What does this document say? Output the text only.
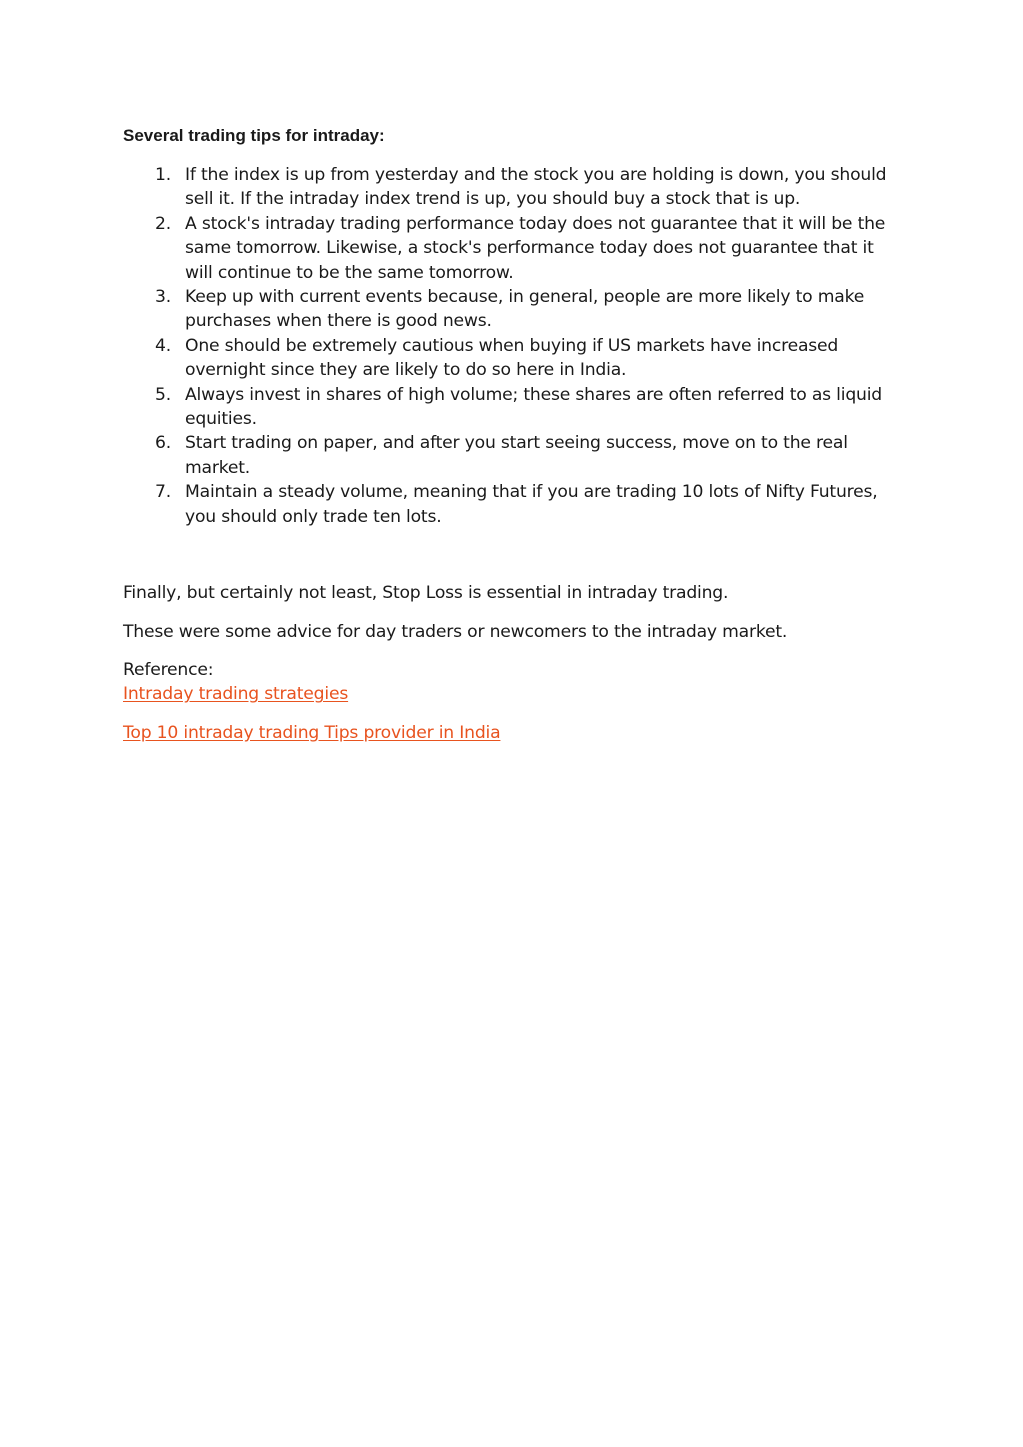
Several trading tips for intraday:

1. If the index is up from yesterday and the stock you are holding is down, you should sell it. If the intraday index trend is up, you should buy a stock that is up.
2. A stock's intraday trading performance today does not guarantee that it will be the same tomorrow. Likewise, a stock's performance today does not guarantee that it will continue to be the same tomorrow.
3. Keep up with current events because, in general, people are more likely to make purchases when there is good news.
4. One should be extremely cautious when buying if US markets have increased overnight since they are likely to do so here in India.
5. Always invest in shares of high volume; these shares are often referred to as liquid equities.
6. Start trading on paper, and after you start seeing success, move on to the real market.
7. Maintain a steady volume, meaning that if you are trading 10 lots of Nifty Futures, you should only trade ten lots.

Finally, but certainly not least, Stop Loss is essential in intraday trading.

These were some advice for day traders or newcomers to the intraday market.

Reference:

Intraday trading strategies
Top 10 intraday trading Tips provider in India
